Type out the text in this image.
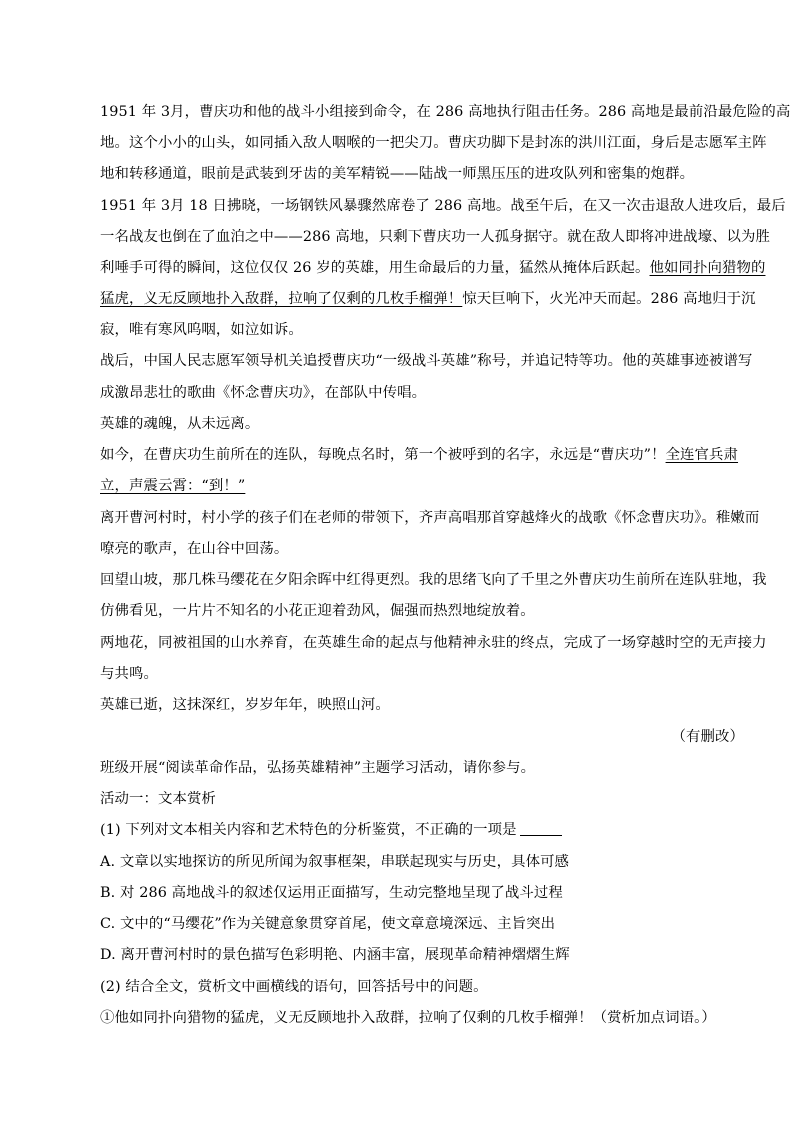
1951 年 3月，曹庆功和他的战斗小组接到命令，在 286 高地执行阻击任务。286 高地是最前沿最危险的高
地。这个小小的山头，如同插入敌人咽喉的一把尖刀。曹庆功脚下是封冻的洪川江面，身后是志愿军主阵
地和转移通道，眼前是武装到牙齿的美军精锐——陆战一师黑压压的进攻队列和密集的炮群。
1951 年 3月 18 日拂晓，一场钢铁风暴骤然席卷了 286 高地。战至午后，在又一次击退敌人进攻后，最后
一名战友也倒在了血泊之中——286 高地，只剩下曹庆功一人孤身据守。就在敌人即将冲进战壕、以为胜
利唾手可得的瞬间，这位仅仅 26 岁的英雄，用生命最后的力量，猛然从掩体后跃起。他如同扑向猎物的
猛虎，义无反顾地扑入敌群，拉响了仅剩的几枚手榴弹！惊天巨响下，火光冲天而起。286 高地归于沉
寂，唯有寒风呜咽，如泣如诉。
战后，中国人民志愿军领导机关追授曹庆功“一级战斗英雄”称号，并追记特等功。他的英雄事迹被谱写
成激昂悲壮的歌曲《怀念曹庆功》，在部队中传唱。
英雄的魂魄，从未远离。
如今，在曹庆功生前所在的连队，每晚点名时，第一个被呼到的名字，永远是“曹庆功”！全连官兵肃
立，声震云霄：“到！”
离开曹河村时，村小学的孩子们在老师的带领下，齐声高唱那首穿越烽火的战歌《怀念曹庆功》。稚嫩而
嘹亮的歌声，在山谷中回荡。
回望山坡，那几株马缨花在夕阳余晖中红得更烈。我的思绪飞向了千里之外曹庆功生前所在连队驻地，我
仿佛看见，一片片不知名的小花正迎着劲风，倔强而热烈地绽放着。
两地花，同被祖国的山水养育，在英雄生命的起点与他精神永驻的终点，完成了一场穿越时空的无声接力
与共鸣。
英雄已逝，这抹深红，岁岁年年，映照山河。
（有删改）
班级开展“阅读革命作品，弘扬英雄精神”主题学习活动，请你参与。
活动一：文本赏析
(1) 下列对文本相关内容和艺术特色的分析鉴赏，不正确的一项是
A. 文章以实地探访的所见所闻为叙事框架，串联起现实与历史，具体可感
B. 对 286 高地战斗的叙述仅运用正面描写，生动完整地呈现了战斗过程
C. 文中的“马缨花”作为关键意象贯穿首尾，使文章意境深远、主旨突出
D. 离开曹河村时的景色描写色彩明艳、内涵丰富，展现革命精神熠熠生辉
(2) 结合全文，赏析文中画横线的语句，回答括号中的问题。
①他如同扑向猎物的猛虎，义无反顾地扑入敌群，拉响了仅剩的几枚手榴弹！（赏析加点词语。）
